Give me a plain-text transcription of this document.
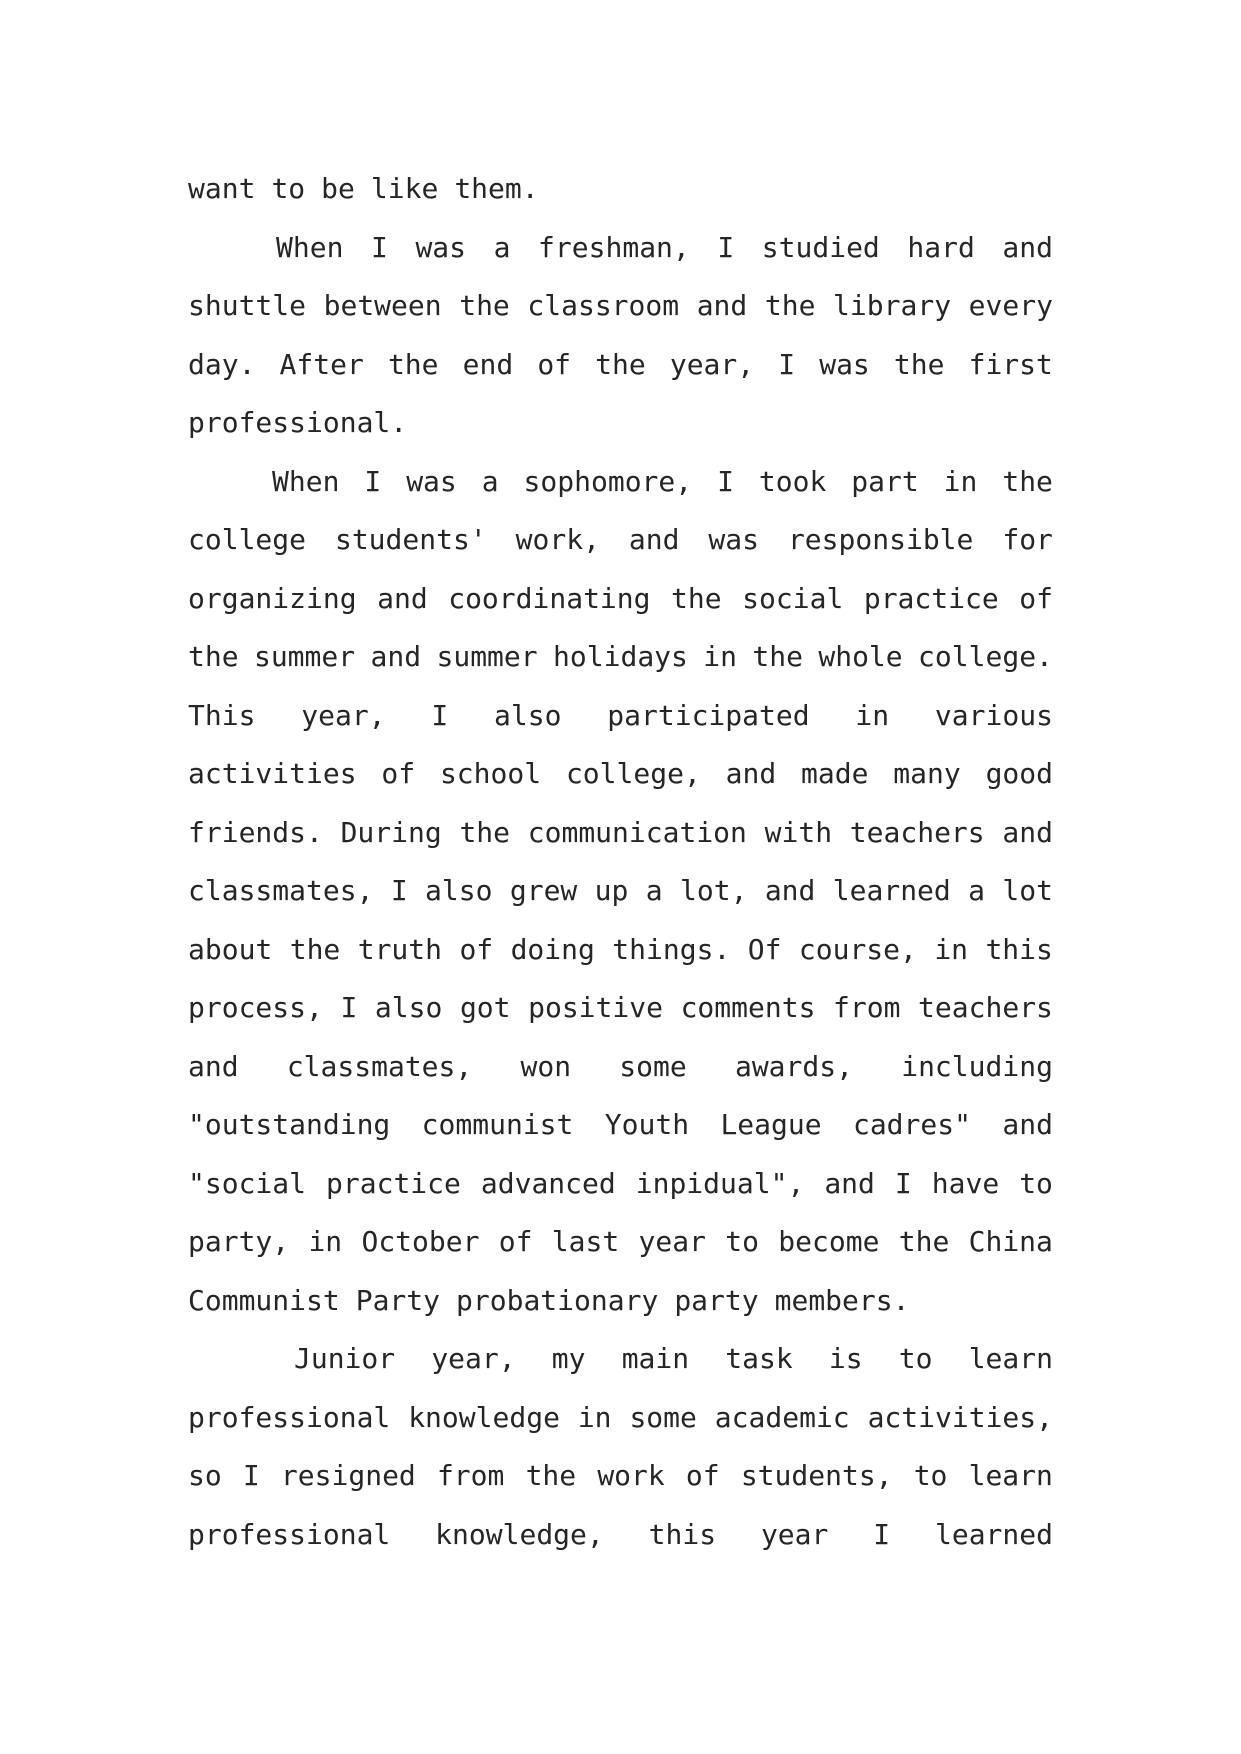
want to be like them.
When I was a freshman, I studied hard and
shuttle between the classroom and the library every
day. After the end of the year, I was the first
professional.
When I was a sophomore, I took part in the
college students' work, and was responsible for
organizing and coordinating the social practice of
the summer and summer holidays in the whole college.
This year, I also participated in various
activities of school college, and made many good
friends. During the communication with teachers and
classmates, I also grew up a lot, and learned a lot
about the truth of doing things. Of course, in this
process, I also got positive comments from teachers
and classmates, won some awards, including
"outstanding communist Youth League cadres" and
"social practice advanced inpidual", and I have to
party, in October of last year to become the China
Communist Party probationary party members.
Junior year, my main task is to learn
professional knowledge in some academic activities,
so I resigned from the work of students, to learn
professional knowledge, this year I learned
